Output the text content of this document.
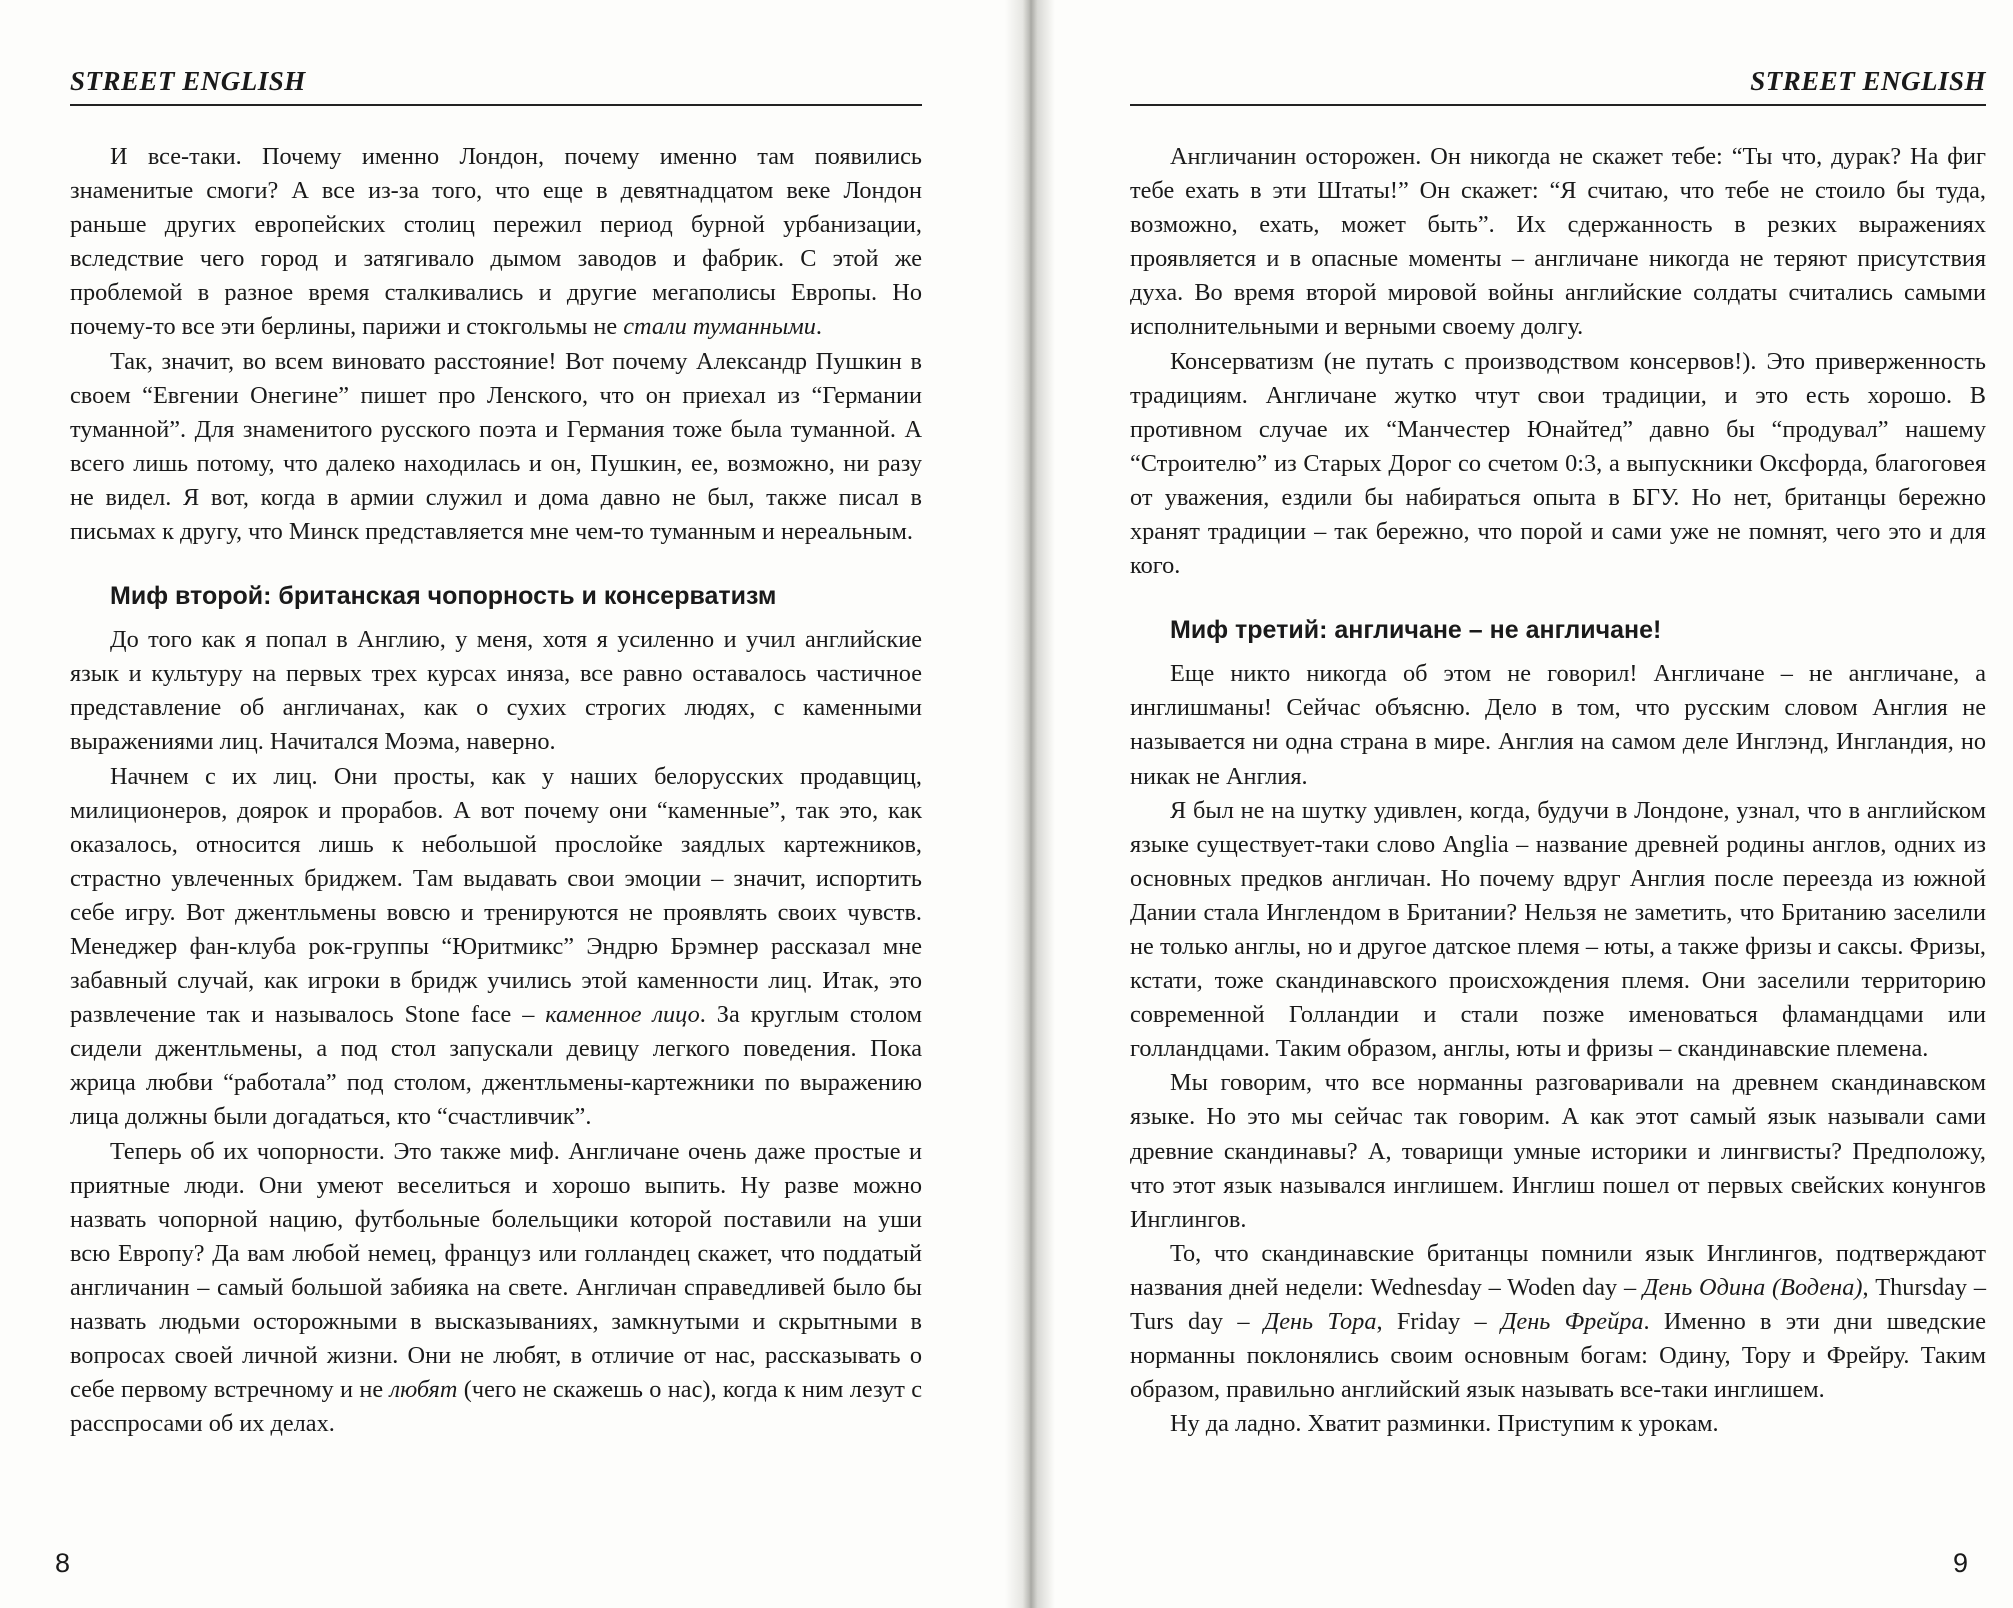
STREET ENGLISH

И все-таки. Почему именно Лондон, почему именно там появились знаменитые смоги? А все из-за того, что еще в девятнадцатом веке Лондон раньше других европейских столиц пережил период бурной урбанизации, вследствие чего город и затягивало дымом заводов и фабрик. С этой же проблемой в разное время сталкивались и другие мегаполисы Европы. Но почему-то все эти берлины, парижи и стокгольмы не стали туманными.

Так, значит, во всем виновато расстояние! Вот почему Александр Пушкин в своем “Евгении Онегине” пишет про Ленского, что он приехал из “Германии туманной”. Для знаменитого русского поэта и Германия тоже была туманной. А всего лишь потому, что далеко находилась и он, Пушкин, ее, возможно, ни разу не видел. Я вот, когда в армии служил и дома давно не был, также писал в письмах к другу, что Минск представляется мне чем-то туманным и нереальным.

Миф второй: британская чопорность и консерватизм

До того как я попал в Англию, у меня, хотя я усиленно и учил английские язык и культуру на первых трех курсах иняза, все равно оставалось частичное представление об англичанах, как о сухих строгих людях, с каменными выражениями лиц. Начитался Моэма, наверно.

Начнем с их лиц. Они просты, как у наших белорусских продавщиц, милиционеров, доярок и прорабов. А вот почему они “каменные”, так это, как оказалось, относится лишь к небольшой прослойке заядлых картежников, страстно увлеченных бриджем. Там выдавать свои эмоции – значит, испортить себе игру. Вот джентльмены вовсю и тренируются не проявлять своих чувств. Менеджер фан-клуба рок-группы “Юритмикс” Эндрю Брэмнер рассказал мне забавный случай, как игроки в бридж учились этой каменности лиц. Итак, это развлечение так и называлось Stone face – каменное лицо. За круглым столом сидели джентльмены, а под стол запускали девицу легкого поведения. Пока жрица любви “работала” под столом, джентльмены-картежники по выражению лица должны были догадаться, кто “счастливчик”.

Теперь об их чопорности. Это также миф. Англичане очень даже простые и приятные люди. Они умеют веселиться и хорошо выпить. Ну разве можно назвать чопорной нацию, футбольные болельщики которой поставили на уши всю Европу? Да вам любой немец, француз или голландец скажет, что поддатый англичанин – самый большой забияка на свете. Англичан справедливей было бы назвать людьми осторожными в высказываниях, замкнутыми и скрытными в вопросах своей личной жизни. Они не любят, в отличие от нас, рассказывать о себе первому встречному и не любят (чего не скажешь о нас), когда к ним лезут с расспросами об их делах.

8
STREET ENGLISH

Англичанин осторожен. Он никогда не скажет тебе: “Ты что, дурак? На фиг тебе ехать в эти Штаты!” Он скажет: “Я считаю, что тебе не стоило бы туда, возможно, ехать, может быть”. Их сдержанность в резких выражениях проявляется и в опасные моменты – англичане никогда не теряют присутствия духа. Во время второй мировой войны английские солдаты считались самыми исполнительными и верными своему долгу.

Консерватизм (не путать с производством консервов!). Это приверженность традициям. Англичане жутко чтут свои традиции, и это есть хорошо. В противном случае их “Манчестер Юнайтед” давно бы “продувал” нашему “Строителю” из Старых Дорог со счетом 0:3, а выпускники Оксфорда, благоговея от уважения, ездили бы набираться опыта в БГУ. Но нет, британцы бережно хранят традиции – так бережно, что порой и сами уже не помнят, чего это и для кого.

Миф третий: англичане – не англичане!

Еще никто никогда об этом не говорил! Англичане – не англичане, а инглишманы! Сейчас объясню. Дело в том, что русским словом Англия не называется ни одна страна в мире. Англия на самом деле Инглэнд, Ингландия, но никак не Англия.

Я был не на шутку удивлен, когда, будучи в Лондоне, узнал, что в английском языке существует-таки слово Anglia – название древней родины англов, одних из основных предков англичан. Но почему вдруг Англия после переезда из южной Дании стала Инглендом в Британии? Нельзя не заметить, что Британию заселили не только англы, но и другое датское племя – юты, а также фризы и саксы. Фризы, кстати, тоже скандинавского происхождения племя. Они заселили территорию современной Голландии и стали позже именоваться фламандцами или голландцами. Таким образом, англы, юты и фризы – скандинавские племена.

Мы говорим, что все норманны разговаривали на древнем скандинавском языке. Но это мы сейчас так говорим. А как этот самый язык называли сами древние скандинавы? А, товарищи умные историки и лингвисты? Предположу, что этот язык назывался инглишем. Инглиш пошел от первых свейских конунгов Инглингов.

То, что скандинавские британцы помнили язык Инглингов, подтверждают названия дней недели: Wednesday – Woden day – День Одина (Водена), Thursday – Turs day – День Тора, Friday – День Фрейра. Именно в эти дни шведские норманны поклонялись своим основным богам: Одину, Тору и Фрейру. Таким образом, правильно английский язык называть все-таки инглишем.

Ну да ладно. Хватит разминки. Приступим к урокам.

9
